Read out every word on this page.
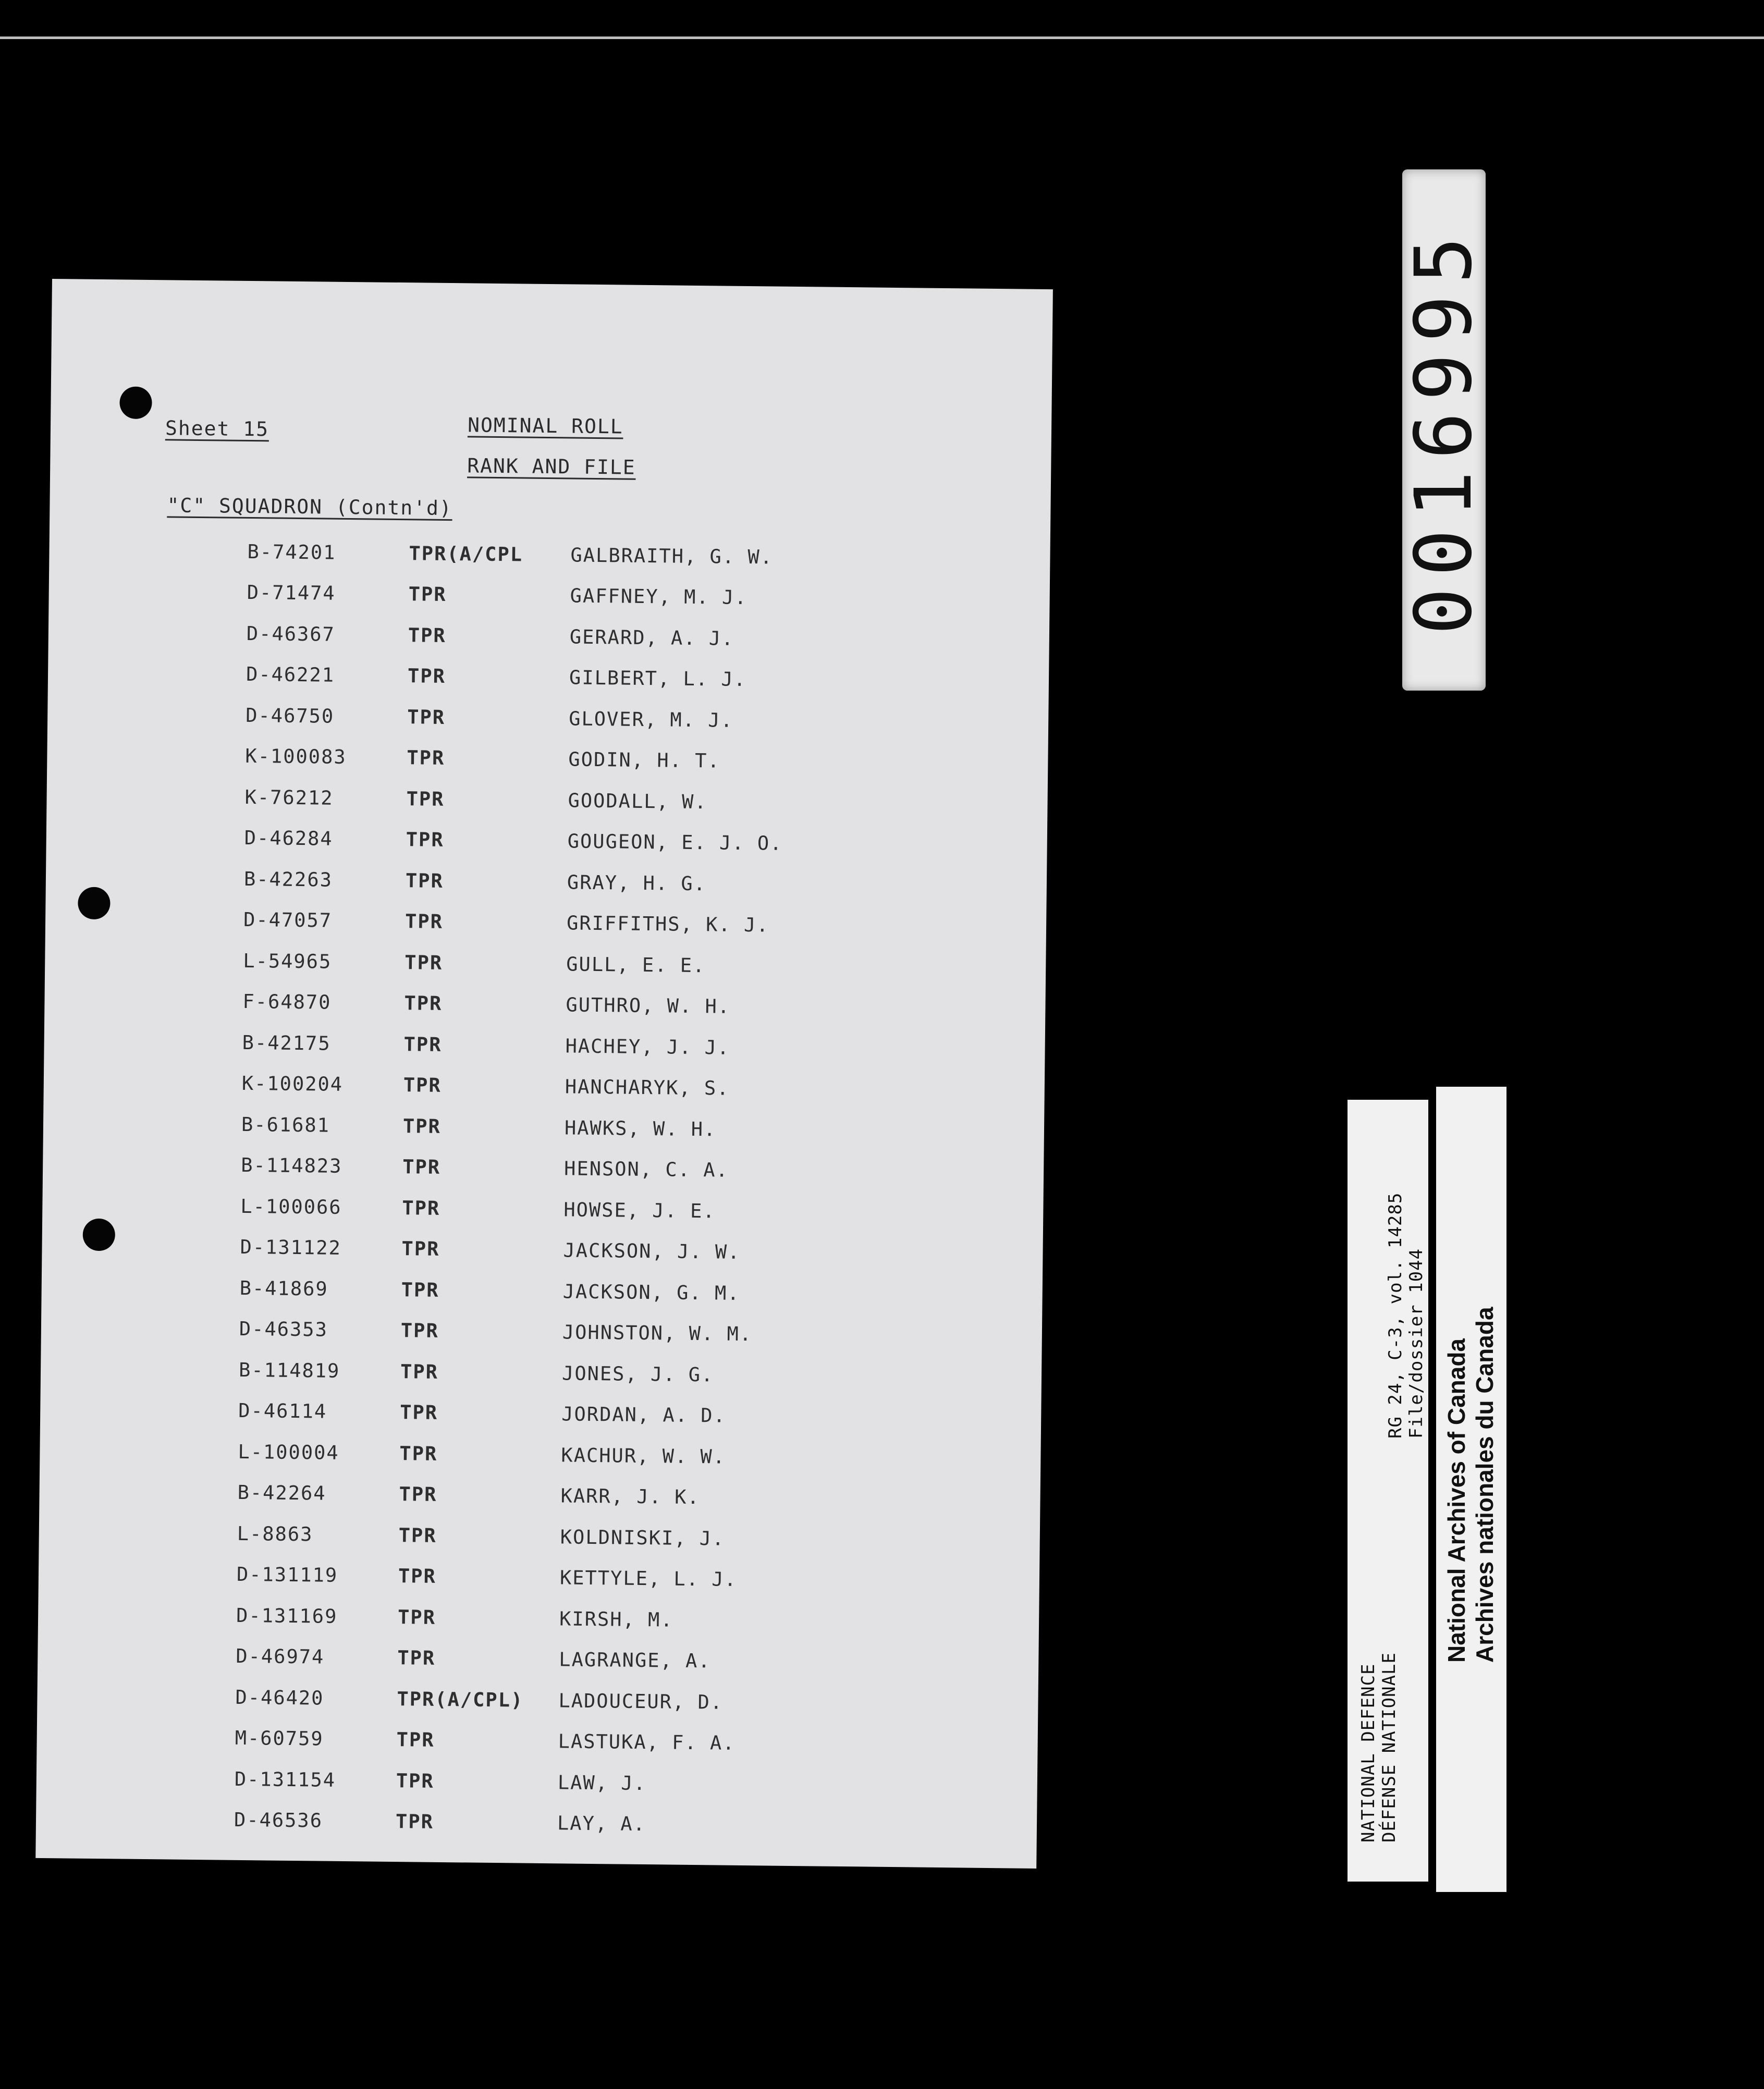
Sheet 15	NOMINAL ROLL
RANK AND FILE
"C" SQUADRON (Contn'd)
B-74201	TPR(A/CPL	GALBRAITH, G. W.
D-71474	TPR	GAFFNEY, M. J.
D-46367	TPR	GERARD, A. J.
D-46221	TPR	GILBERT, L. J.
D-46750	TPR	GLOVER, M. J.
K-100083	TPR	GODIN, H. T.
K-76212	TPR	GOODALL, W.
D-46284	TPR	GOUGEON, E. J. O.
B-42263	TPR	GRAY, H. G.
D-47057	TPR	GRIFFITHS, K. J.
L-54965	TPR	GULL, E. E.
F-64870	TPR	GUTHRO, W. H.
B-42175	TPR	HACHEY, J. J.
K-100204	TPR	HANCHARYK, S.
B-61681	TPR	HAWKS, W. H.
B-114823	TPR	HENSON, C. A.
L-100066	TPR	HOWSE, J. E.
D-131122	TPR	JACKSON, J. W.
B-41869	TPR	JACKSON, G. M.
D-46353	TPR	JOHNSTON, W. M.
B-114819	TPR	JONES, J. G.
D-46114	TPR	JORDAN, A. D.
L-100004	TPR	KACHUR, W. W.
B-42264	TPR	KARR, J. K.
L-8863	TPR	KOLDNISKI, J.
D-131119	TPR	KETTYLE, L. J.
D-131169	TPR	KIRSH, M.
D-46974	TPR	LAGRANGE, A.
D-46420	TPR(A/CPL)	LADOUCEUR, D.
M-60759	TPR	LASTUKA, F. A.
D-131154	TPR	LAW, J.
D-46536	TPR	LAY, A.
0016995
NATIONAL DEFENCE DÉFENSE NATIONALE
RG 24, C-3, vol. 14285 File/dossier 1044 National Archives of Canada Archives nationales du Canada
